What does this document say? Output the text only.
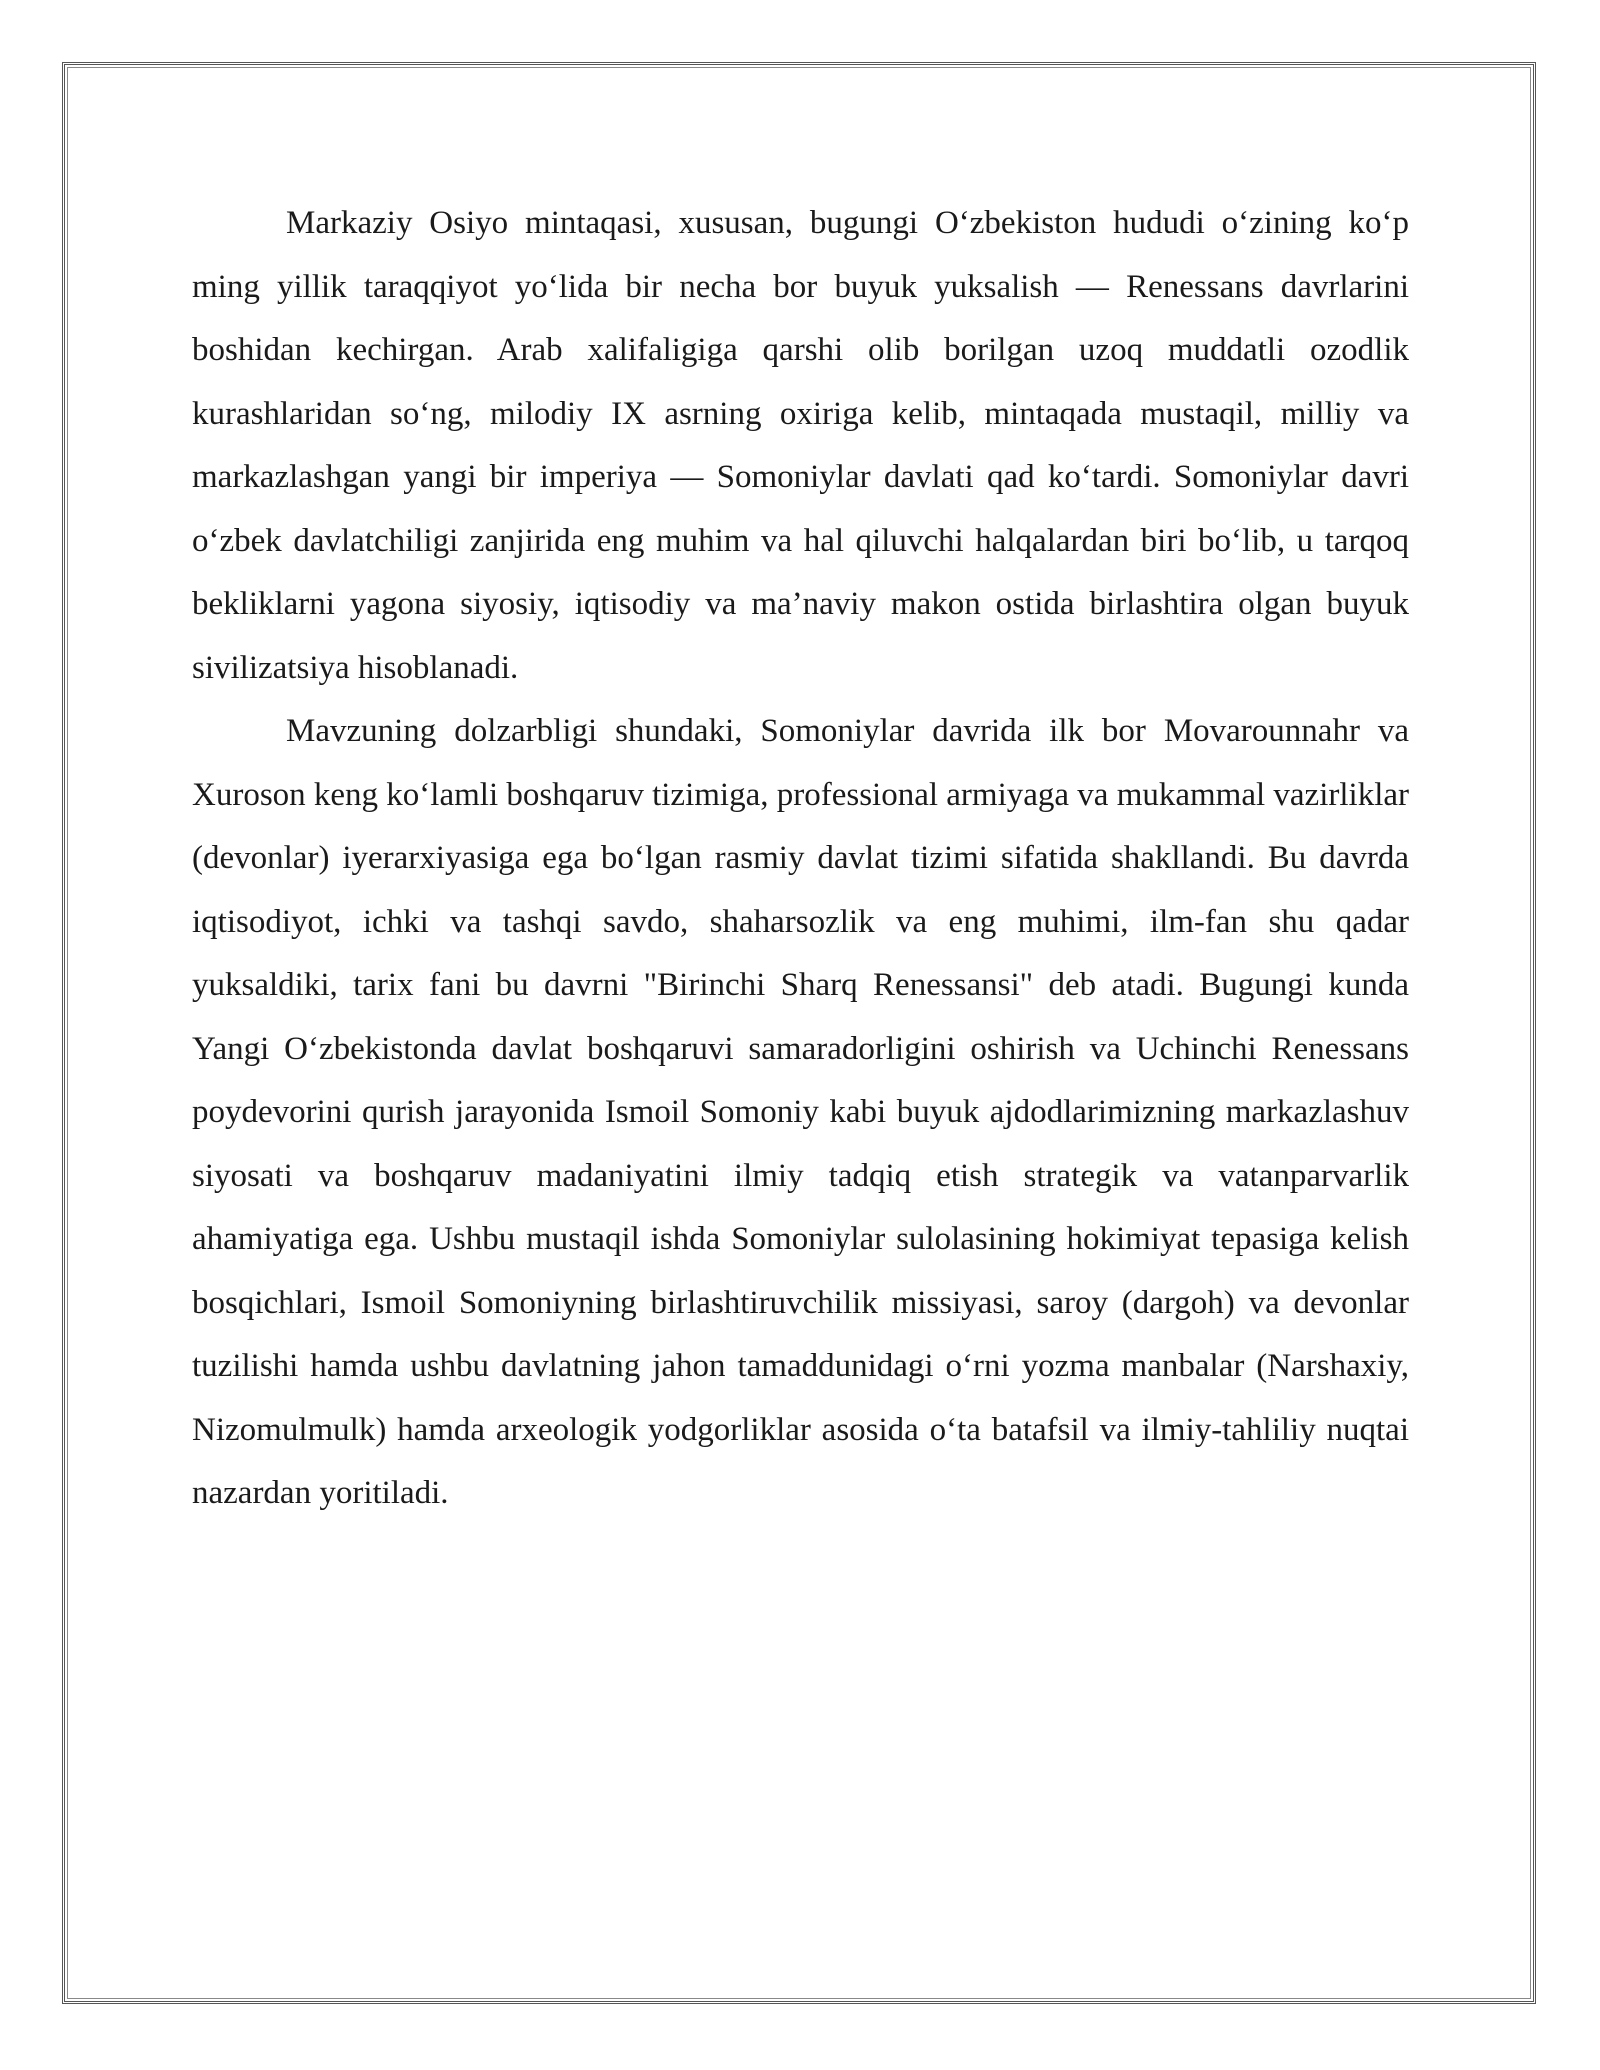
Markaziy Osiyo mintaqasi, xususan, bugungi O‘zbekiston hududi o‘zining ko‘p ming yillik taraqqiyot yo‘lida bir necha bor buyuk yuksalish — Renessans davrlarini boshidan kechirgan. Arab xalifaligiga qarshi olib borilgan uzoq muddatli ozodlik kurashlaridan so‘ng, milodiy IX asrning oxiriga kelib, mintaqada mustaqil, milliy va markazlashgan yangi bir imperiya — Somoniylar davlati qad ko‘tardi. Somoniylar davri o‘zbek davlatchiligi zanjirida eng muhim va hal qiluvchi halqalardan biri bo‘lib, u tarqoq bekliklarni yagona siyosiy, iqtisodiy va ma’naviy makon ostida birlashtira olgan buyuk sivilizatsiya hisoblanadi.

Mavzuning dolzarbligi shundaki, Somoniylar davrida ilk bor Movarounnahr va Xuroson keng ko‘lamli boshqaruv tizimiga, professional armiyaga va mukammal vazirliklar (devonlar) iyerarxiyasiga ega bo‘lgan rasmiy davlat tizimi sifatida shakllandi. Bu davrda iqtisodiyot, ichki va tashqi savdo, shaharsozlik va eng muhimi, ilm-fan shu qadar yuksaldiki, tarix fani bu davrni "Birinchi Sharq Renessansi" deb atadi. Bugungi kunda Yangi O‘zbekistonda davlat boshqaruvi samaradorligini oshirish va Uchinchi Renessans poydevorini qurish jarayonida Ismoil Somoniy kabi buyuk ajdodlarimizning markazlashuv siyosati va boshqaruv madaniyatini ilmiy tadqiq etish strategik va vatanparvarlik ahamiyatiga ega. Ushbu mustaqil ishda Somoniylar sulolasining hokimiyat tepasiga kelish bosqichlari, Ismoil Somoniyning birlashtiruvchilik missiyasi, saroy (dargoh) va devonlar tuzilishi hamda ushbu davlatning jahon tamaddunidagi o‘rni yozma manbalar (Narshaxiy, Nizomulmulk) hamda arxeologik yodgorliklar asosida o‘ta batafsil va ilmiy-tahliliy nuqtai nazardan yoritiladi.
